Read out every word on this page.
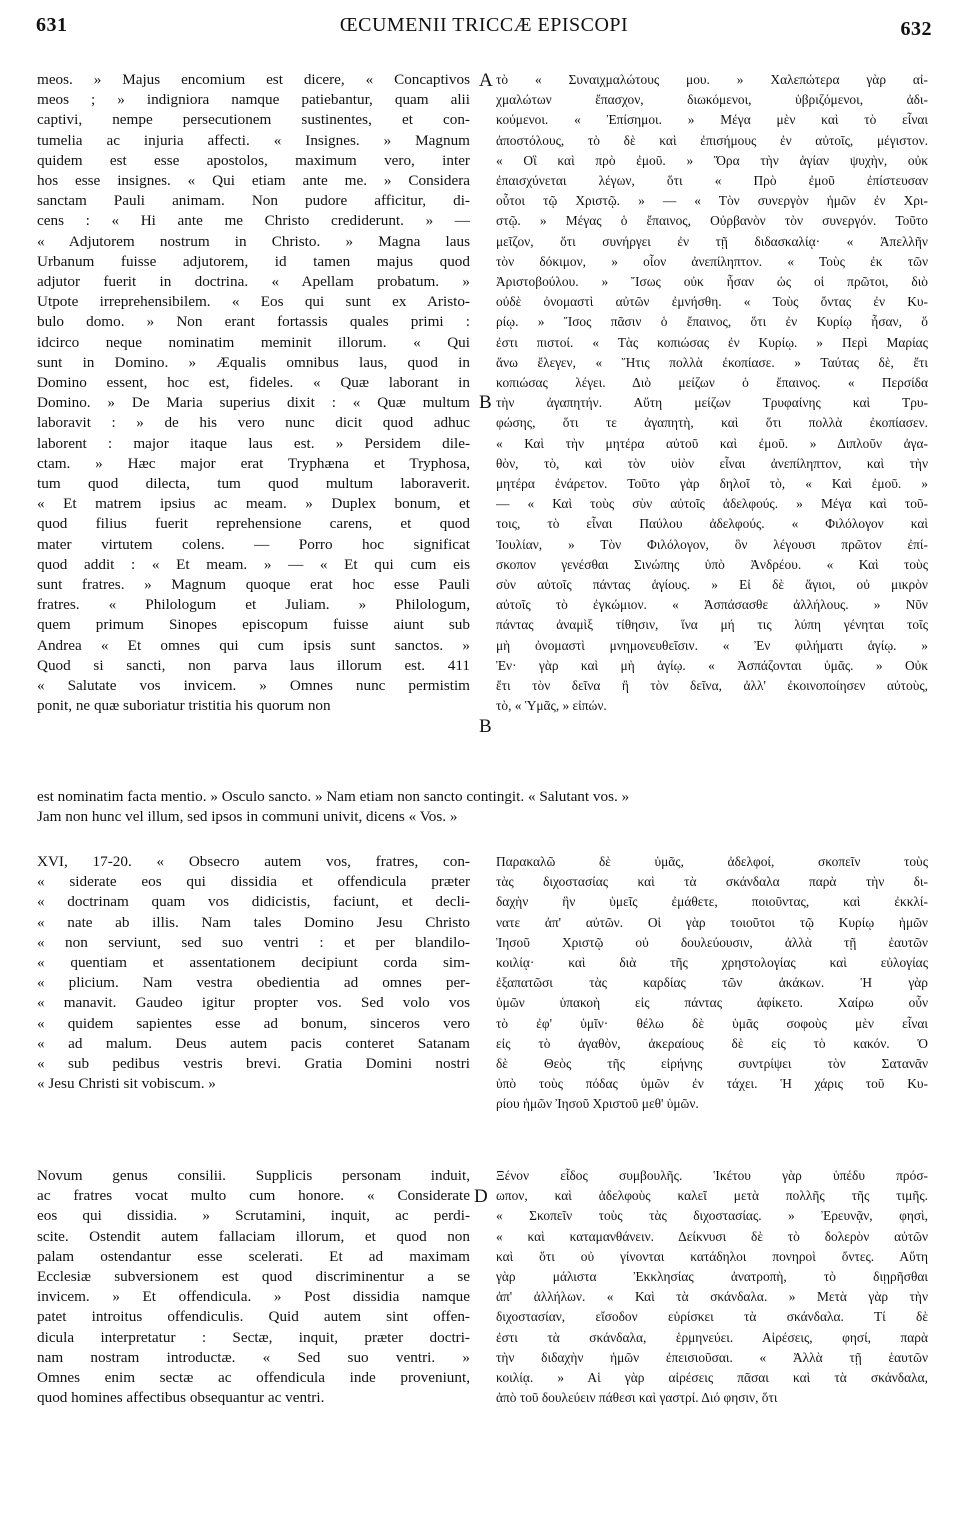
631	ŒCUMENII TRICCÆ EPISCOPI	632
A
B
B
D
meos. » Majus encomium est dicere, « Concaptivos
meos ; » indigniora namque patiebantur, quam alii
captivi, nempe persecutionem sustinentes, et con-
tumelia ac injuria affecti. « Insignes. » Magnum
quidem est esse apostolos, maximum vero, inter
hos esse insignes. « Qui etiam ante me. » Considera
sanctam Pauli animam. Non pudore afficitur, di-
cens : « Hi ante me Christo crediderunt. » —
« Adjutorem nostrum in Christo. » Magna laus
Urbanum fuisse adjutorem, id tamen majus quod
adjutor fuerit in doctrina. « Apellam probatum. »
Utpote irreprehensibilem. « Eos qui sunt ex Aristo-
bulo domo. » Non erant fortassis quales primi :
idcirco neque nominatim meminit illorum. « Qui
sunt in Domino. » Æqualis omnibus laus, quod in
Domino essent, hoc est, fideles. « Quæ laborant in
Domino. » De Maria superius dixit : « Quæ multum
laboravit : » de his vero nunc dicit quod adhuc
laborent : major itaque laus est. » Persidem dile-
ctam. » Hæc major erat Tryphæna et Tryphosa,
tum quod dilecta, tum quod multum laboraverit.
« Et matrem ipsius ac meam. » Duplex bonum, et
quod filius fuerit reprehensione carens, et quod
mater virtutem colens. — Porro hoc significat
quod addit : « Et meam. » — « Et qui cum eis
sunt fratres. » Magnum quoque erat hoc esse Pauli
fratres. « Philologum et Juliam. » Philologum,
quem primum Sinopes episcopum fuisse aiunt sub
Andrea « Et omnes qui cum ipsis sunt sanctos. »
Quod si sancti, non parva laus illorum est. 411
« Salutate vos invicem. » Omnes nunc permistim
ponit, ne quæ suboriatur tristitia his quorum non
τὸ « Συναιχμαλώτους μου. » Χαλεπώτερα γὰρ αἰ-
χμαλώτων ἔπασχον, διωκόμενοι, ὑβριζόμενοι, ἀδι-
κούμενοι. « Ἐπίσημοι. » Μέγα μὲν καὶ τὸ εἶναι
ἀποστόλους, τὸ δὲ καὶ ἐπισήμους ἐν αὐτοῖς, μέγιστον.
« Οἳ καὶ πρὸ ἐμοῦ. » Ὅρα τὴν ἁγίαν ψυχὴν, οὐκ
ἐπαισχύνεται λέγων, ὅτι « Πρὸ ἐμοῦ ἐπίστευσαν
οὗτοι τῷ Χριστῷ. » — « Τὸν συνεργὸν ἡμῶν ἐν Χρι-
στῷ. » Μέγας ὁ ἔπαινος, Οὐρβανὸν τὸν συνεργόν. Τοῦτο
μεῖζον, ὅτι συνήργει ἐν τῇ διδασκαλίᾳ· « Ἀπελλῆν
τὸν δόκιμον, » οἷον ἀνεπίληπτον. « Τοὺς ἐκ τῶν
Ἀριστοβούλου. » Ἴσως οὐκ ἦσαν ὡς οἱ πρῶτοι, διὸ
οὐδὲ ὀνομαστὶ αὐτῶν ἐμνήσθη. « Τοὺς ὄντας ἐν Κυ-
ρίῳ. » Ἴσος πᾶσιν ὁ ἔπαινος, ὅτι ἐν Κυρίῳ ἦσαν, ὅ
ἐστι πιστοί. « Τὰς κοπιώσας ἐν Κυρίῳ. » Περὶ Μαρίας
ἄνω ἔλεγεν, « Ἥτις πολλὰ ἐκοπίασε. » Ταύτας δὲ, ἔτι
κοπιώσας λέγει. Διὸ μείζων ὁ ἔπαινος. « Περσίδα
τὴν ἀγαπητήν. Αὕτη μείζων Τρυφαίνης καὶ Τρυ-
φώσης, ὅτι τε ἀγαπητὴ, καὶ ὅτι πολλὰ ἐκοπίασεν.
« Καὶ τὴν μητέρα αὐτοῦ καὶ ἐμοῦ. » Διπλοῦν ἀγα-
θὸν, τὸ, καὶ τὸν υἱὸν εἶναι ἀνεπίληπτον, καὶ τὴν
μητέρα ἐνάρετον. Τοῦτο γὰρ δηλοῖ τὸ, « Καὶ ἐμοῦ. »
— « Καὶ τοὺς σὺν αὐτοῖς ἀδελφούς. » Μέγα καὶ τοῦ-
τοις, τὸ εἶναι Παύλου ἀδελφούς. « Φιλόλογον καὶ
Ἰουλίαν, » Τὸν Φιλόλογον, ὃν λέγουσι πρῶτον ἐπί-
σκοπον γενέσθαι Σινώπης ὑπὸ Ἀνδρέου. « Καὶ τοὺς
σὺν αὐτοῖς πάντας ἁγίους. » Εἰ δὲ ἅγιοι, οὐ μικρὸν
αὐτοῖς τὸ ἐγκώμιον. « Ἀσπάσασθε ἀλλήλους. » Νῦν
πάντας ἀναμὶξ τίθησιν, ἵνα μή τις λύπη γένηται τοῖς
μὴ ὀνομαστὶ μνημονευθεῖσιν. « Ἐν φιλήματι ἁγίῳ. »
Ἐν· γὰρ καὶ μὴ ἁγίῳ. « Ἀσπάζονται ὑμᾶς. » Οὐκ
ἔτι τὸν δεῖνα ἢ τὸν δεῖνα, ἀλλ' ἐκοινοποίησεν αὐτοὺς,
τὸ, « Ὑμᾶς, » εἰπών.
est nominatim facta mentio. » Osculo sancto. » Nam etiam non sancto contingit. « Salutant vos. »
Jam non hunc vel illum, sed ipsos in communi univit, dicens « Vos. »
XVI, 17-20. « Obsecro autem vos, fratres, con-
« siderate eos qui dissidia et offendicula præter
« doctrinam quam vos didicistis, faciunt, et decli-
« nate ab illis. Nam tales Domino Jesu Christo
« non serviunt, sed suo ventri : et per blandilo-
« quentiam et assentationem decipiunt corda sim-
« plicium. Nam vestra obedientia ad omnes per-
« manavit. Gaudeo igitur propter vos. Sed volo vos
« quidem sapientes esse ad bonum, sinceros vero
« ad malum. Deus autem pacis conteret Satanam
« sub pedibus vestris brevi. Gratia Domini nostri
« Jesu Christi sit vobiscum. »
Παρακαλῶ δὲ ὑμᾶς, ἀδελφοί, σκοπεῖν τοὺς
τὰς διχοστασίας καὶ τὰ σκάνδαλα παρὰ τὴν δι-
δαχὴν ἣν ὑμεῖς ἐμάθετε, ποιοῦντας, καὶ ἐκκλί-
νατε ἀπ' αὐτῶν. Οἱ γὰρ τοιοῦτοι τῷ Κυρίῳ ἡμῶν
Ἰησοῦ Χριστῷ οὐ δουλεύουσιν, ἀλλὰ τῇ ἑαυτῶν
κοιλίᾳ· καὶ διὰ τῆς χρηστολογίας καὶ εὐλογίας
ἐξαπατῶσι τὰς καρδίας τῶν ἀκάκων. Ἡ γὰρ
ὑμῶν ὑπακοὴ εἰς πάντας ἀφίκετο. Χαίρω οὖν
τὸ ἐφ' ὑμῖν· θέλω δὲ ὑμᾶς σοφοὺς μὲν εἶναι
εἰς τὸ ἀγαθὸν, ἀκεραίους δὲ εἰς τὸ κακόν. Ὁ
δὲ Θεὸς τῆς εἰρήνης συντρίψει τὸν Σατανᾶν
ὑπὸ τοὺς πόδας ὑμῶν ἐν τάχει. Ἡ χάρις τοῦ Κυ-
ρίου ἡμῶν Ἰησοῦ Χριστοῦ μεθ' ὑμῶν.
Novum genus consilii. Supplicis personam induit,
ac fratres vocat multo cum honore. « Considerate
eos qui dissidia. » Scrutamini, inquit, ac perdi-
scite. Ostendit autem fallaciam illorum, et quod non
palam ostendantur esse scelerati. Et ad maximam
Ecclesiæ subversionem est quod discriminentur a se
invicem. » Et offendicula. » Post dissidia namque
patet introitus offendiculis. Quid autem sint offen-
dicula interpretatur : Sectæ, inquit, præter doctri-
nam nostram introductæ. « Sed suo ventri. »
Omnes enim sectæ ac offendicula inde proveniunt,
quod homines affectibus obsequantur ac ventri.
Ξένον εἶδος συμβουλῆς. Ἱκέτου γὰρ ὑπέδυ πρόσ-
ωπον, καὶ ἀδελφοὺς καλεῖ μετὰ πολλῆς τῆς τιμῆς.
« Σκοπεῖν τοὺς τὰς διχοστασίας. » Ἐρευνᾷν, φησὶ,
« καὶ καταμανθάνειν. Δείκνυσι δὲ τὸ δολερὸν αὐτῶν
καὶ ὅτι οὐ γίνονται κατάδηλοι πονηροὶ ὄντες. Αὕτη
γὰρ μάλιστα Ἐκκλησίας ἀνατροπὴ, τὸ διῃρῆσθαι
ἀπ' ἀλλήλων. « Καὶ τὰ σκάνδαλα. » Μετὰ γὰρ τὴν
διχοστασίαν, εἴσοδον εὑρίσκει τὰ σκάνδαλα. Τί δὲ
ἐστι τὰ σκάνδαλα, ἑρμηνεύει. Αἱρέσεις, φησί, παρὰ
τὴν διδαχὴν ἡμῶν ἐπεισιοῦσαι. « Ἀλλὰ τῇ ἑαυτῶν
κοιλίᾳ. » Αἱ γὰρ αἱρέσεις πᾶσαι καὶ τὰ σκάνδαλα,
ἀπὸ τοῦ δουλεύειν πάθεσι καὶ γαστρί. Διό φησιν, ὅτι
